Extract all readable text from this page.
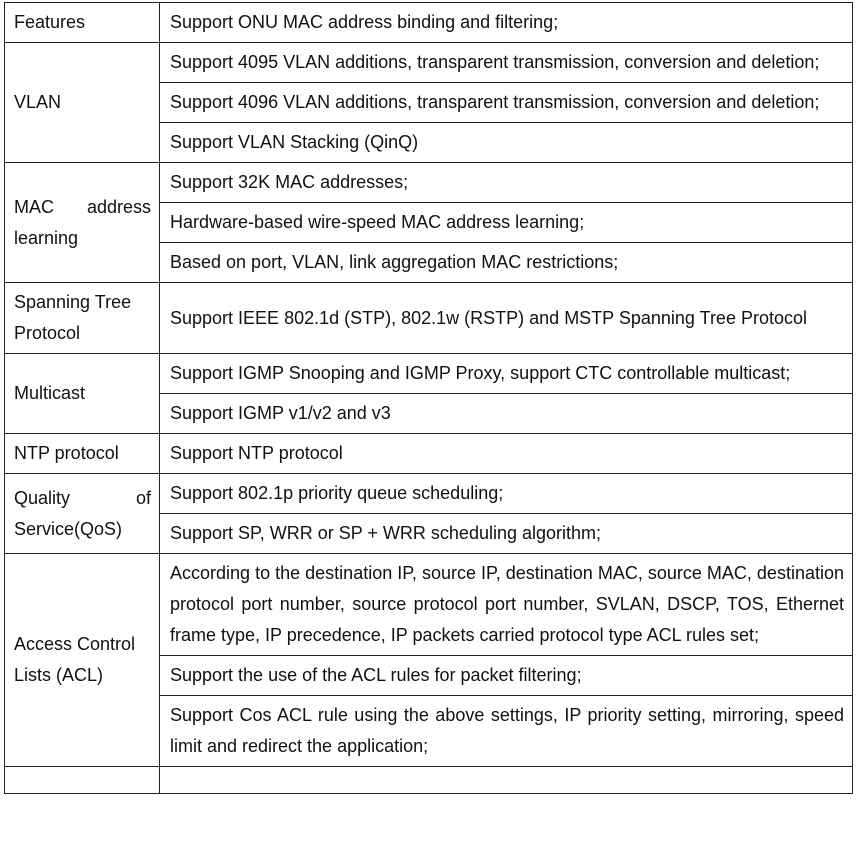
Features	Support ONU MAC address binding and filtering;
VLAN	Support 4095 VLAN additions, transparent transmission, conversion and deletion;
	Support 4096 VLAN additions, transparent transmission, conversion and deletion;
	Support VLAN Stacking (QinQ)
MAC address learning	Support 32K MAC addresses;
	Hardware-based wire-speed MAC address learning;
	Based on port, VLAN, link aggregation MAC restrictions;
Spanning Tree Protocol	Support IEEE 802.1d (STP), 802.1w (RSTP) and MSTP Spanning Tree Protocol
Multicast	Support IGMP Snooping and IGMP Proxy, support CTC controllable multicast;
	Support IGMP v1/v2 and v3
NTP protocol	Support NTP protocol
Quality of Service(QoS)	Support 802.1p priority queue scheduling;
	Support SP, WRR or SP + WRR scheduling algorithm;
Access Control Lists (ACL)	According to the destination IP, source IP, destination MAC, source MAC, destination protocol port number, source protocol port number, SVLAN, DSCP, TOS, Ethernet frame type, IP precedence, IP packets carried protocol type ACL rules set;
	Support the use of the ACL rules for packet filtering;
	Support Cos ACL rule using the above settings, IP priority setting, mirroring, speed limit and redirect the application;
